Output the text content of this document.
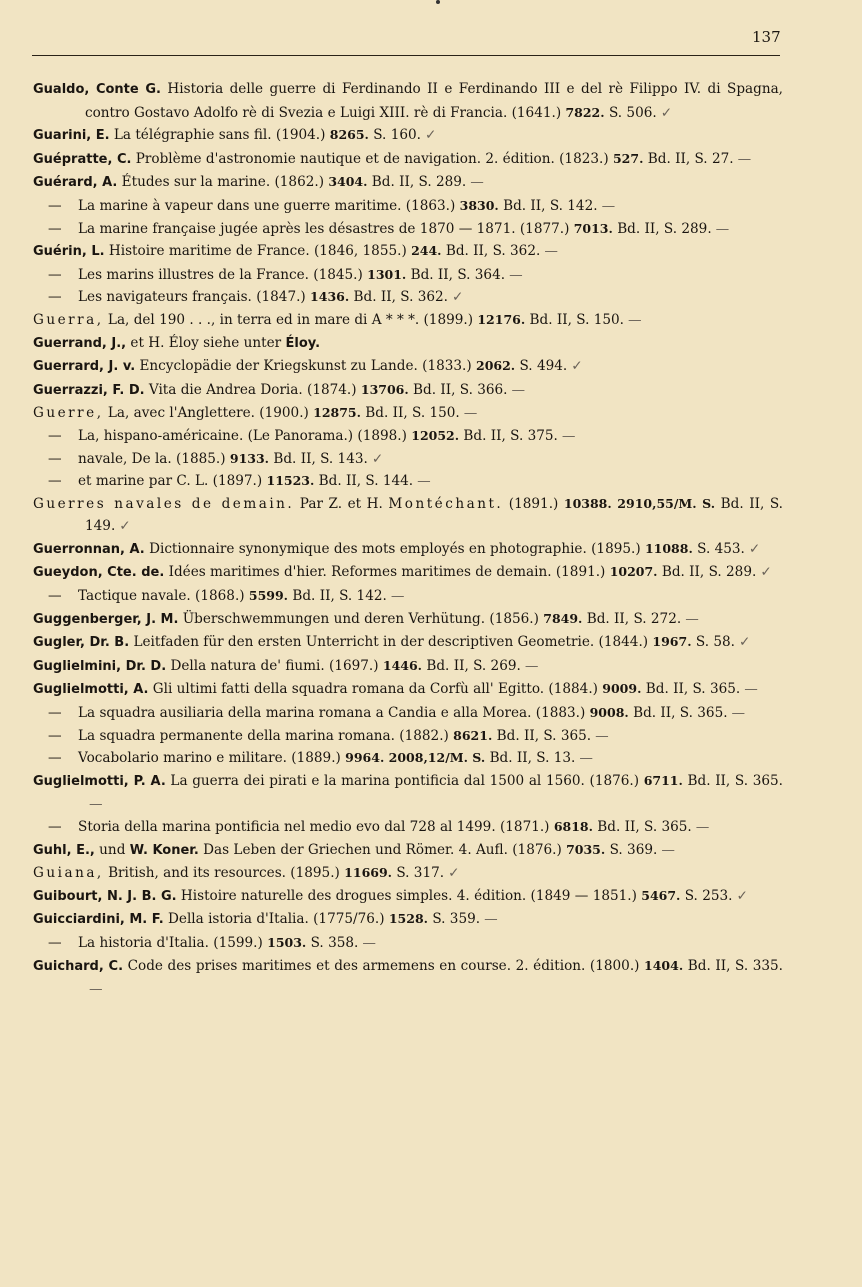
137

Gualdo, Conte G. Historia delle guerre di Ferdinando II e Ferdinando III e del rè Filippo IV. di Spagna, contro Gostavo Adolfo rè di Svezia e Luigi XIII. rè di Francia. (1641.) 7822. S. 506. ✓

Guarini, E. La télégraphie sans fil. (1904.) 8265. S. 160. ✓

Guépratte, C. Problème d'astronomie nautique et de navigation. 2. édition. (1823.) 527. Bd. II, S. 27. —

Guérard, A. Études sur la marine. (1862.) 3404. Bd. II, S. 289. —

— La marine à vapeur dans une guerre maritime. (1863.) 3830. Bd. II, S. 142. —

— La marine française jugée après les désastres de 1870 — 1871. (1877.) 7013. Bd. II, S. 289. —

Guérin, L. Histoire maritime de France. (1846, 1855.) 244. Bd. II, S. 362. —

— Les marins illustres de la France. (1845.) 1301. Bd. II, S. 364. —

— Les navigateurs français. (1847.) 1436. Bd. II, S. 362. ✓

Guerra, La, del 190 . . ., in terra ed in mare di A * * *. (1899.) 12176. Bd. II, S. 150. —

Guerrand, J., et H. Éloy siehe unter Éloy.

Guerrard, J. v. Encyclopädie der Kriegskunst zu Lande. (1833.) 2062. S. 494. ✓

Guerrazzi, F. D. Vita die Andrea Doria. (1874.) 13706. Bd. II, S. 366. —

Guerre, La, avec l'Anglettere. (1900.) 12875. Bd. II, S. 150. —

— La, hispano-américaine. (Le Panorama.) (1898.) 12052. Bd. II, S. 375. —

— navale, De la. (1885.) 9133. Bd. II, S. 143. ✓

— et marine par C. L. (1897.) 11523. Bd. II, S. 144. —

Guerres navales de demain. Par Z. et H. Montéchant. (1891.) 10388. 2910,55/M. S. Bd. II, S. 149. ✓

Guerronnan, A. Dictionnaire synonymique des mots employés en photographie. (1895.) 11088. S. 453. ✓

Gueydon, Cte. de. Idées maritimes d'hier. Reformes maritimes de demain. (1891.) 10207. Bd. II, S. 289. ✓

— Tactique navale. (1868.) 5599. Bd. II, S. 142. —

Guggenberger, J. M. Überschwemmungen und deren Verhütung. (1856.) 7849. Bd. II, S. 272. —

Gugler, Dr. B. Leitfaden für den ersten Unterricht in der descriptiven Geometrie. (1844.) 1967. S. 58. ✓

Guglielmini, Dr. D. Della natura de' fiumi. (1697.) 1446. Bd. II, S. 269. —

Guglielmotti, A. Gli ultimi fatti della squadra romana da Corfù all' Egitto. (1884.) 9009. Bd. II, S. 365. —

— La squadra ausiliaria della marina romana a Candia e alla Morea. (1883.) 9008. Bd. II, S. 365. —

— La squadra permanente della marina romana. (1882.) 8621. Bd. II, S. 365. —

— Vocabolario marino e militare. (1889.) 9964. 2008,12/M. S. Bd. II, S. 13. —

Guglielmotti, P. A. La guerra dei pirati e la marina pontificia dal 1500 al 1560. (1876.) 6711. Bd. II, S. 365.—

— Storia della marina pontificia nel medio evo dal 728 al 1499. (1871.) 6818. Bd. II, S. 365. —

Guhl, E., und W. Koner. Das Leben der Griechen und Römer. 4. Aufl. (1876.) 7035. S. 369. —

Guiana, British, and its resources. (1895.) 11669. S. 317. ✓

Guibourt, N. J. B. G. Histoire naturelle des drogues simples. 4. édition. (1849 — 1851.) 5467. S. 253. ✓

Guicciardini, M. F. Della istoria d'Italia. (1775/76.) 1528. S. 359. —

— La historia d'Italia. (1599.) 1503. S. 358. —

Guichard, C. Code des prises maritimes et des armemens en course. 2. édition. (1800.) 1404. Bd. II, S. 335.—
